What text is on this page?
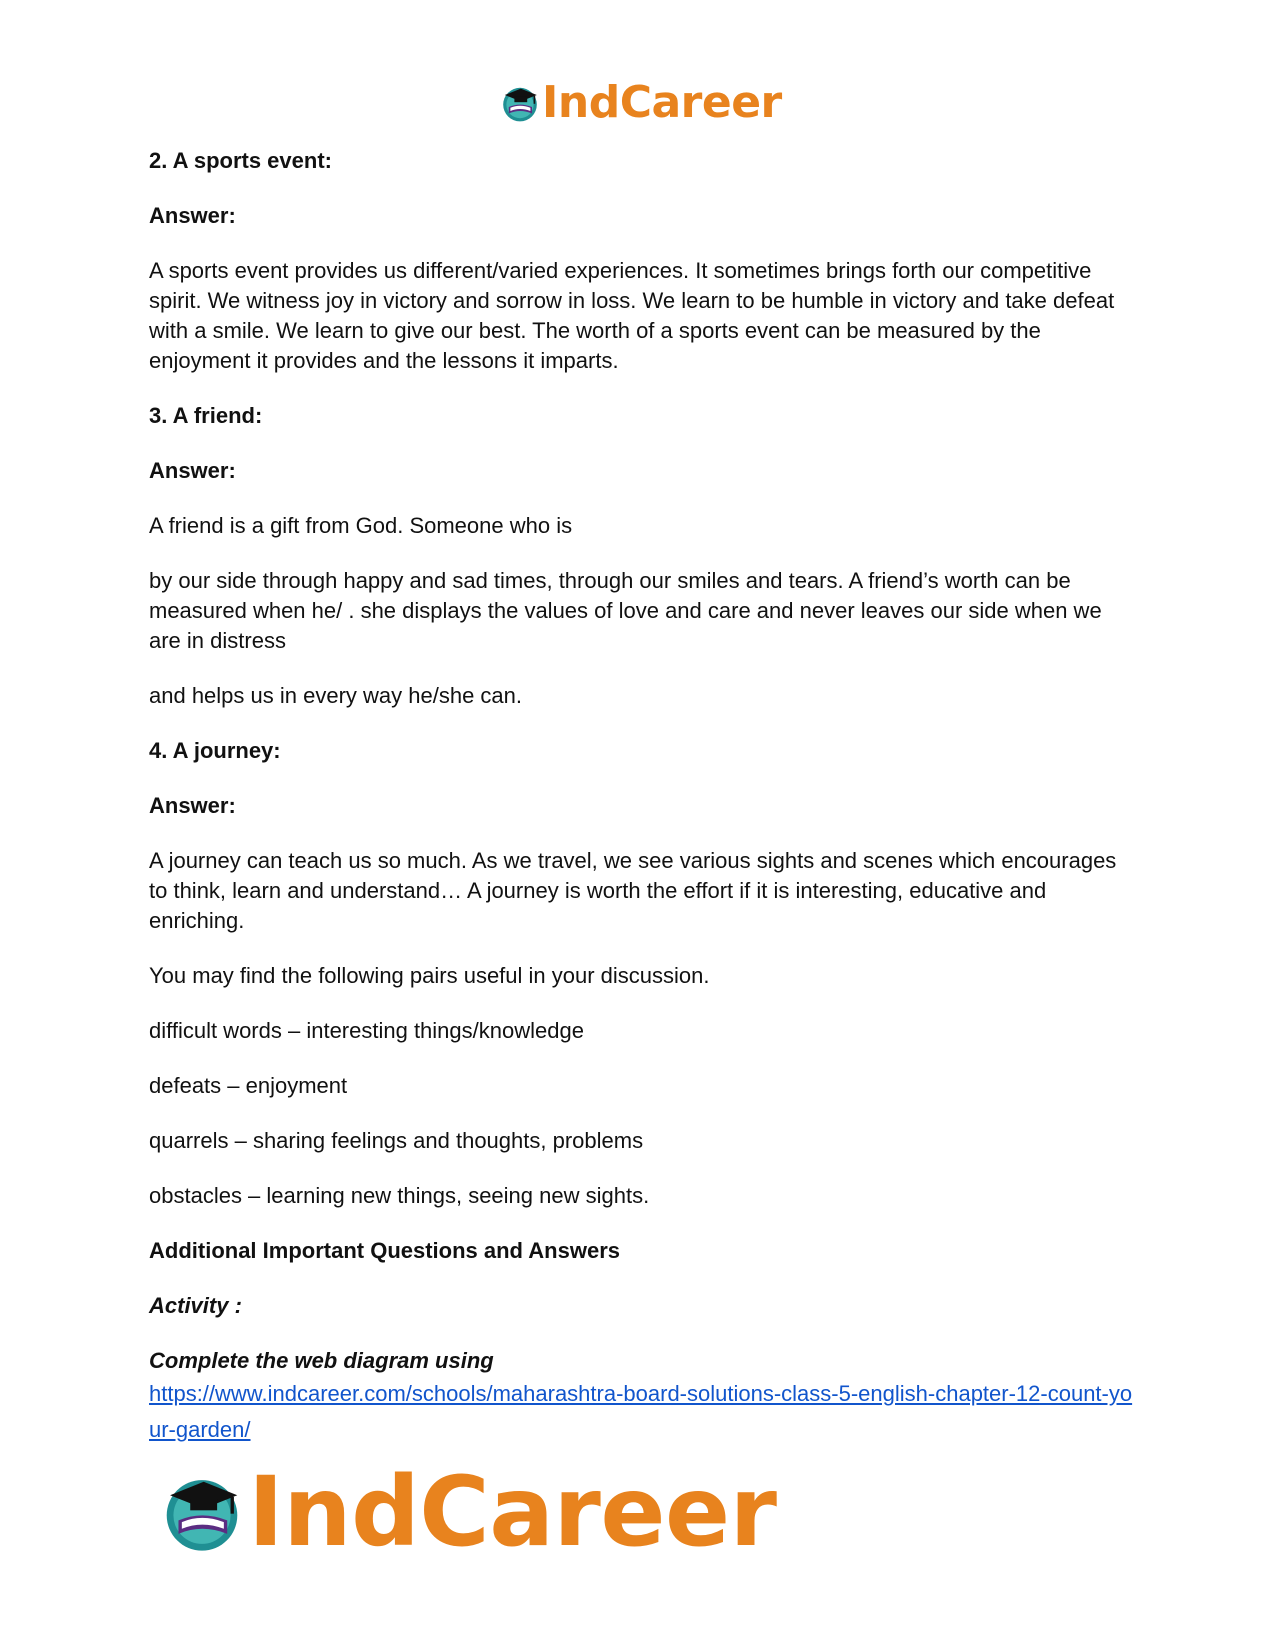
IndCareer

2. A sports event:

Answer:

A sports event provides us different/varied experiences. It sometimes brings forth our competitive spirit. We witness joy in victory and sorrow in loss. We learn to be humble in victory and take defeat with a smile. We learn to give our best. The worth of a sports event can be measured by the enjoyment it provides and the lessons it imparts.

3. A friend:

Answer:

A friend is a gift from God. Someone who is

by our side through happy and sad times, through our smiles and tears. A friend’s worth can be measured when he/ . she displays the values of love and care and never leaves our side when we are in distress

and helps us in every way he/she can.

4. A journey:

Answer:

A journey can teach us so much. As we travel, we see various sights and scenes which encourages to think, learn and understand… A journey is worth the effort if it is interesting, educative and enriching.

You may find the following pairs useful in your discussion.

difficult words – interesting things/knowledge

defeats – enjoyment

quarrels – sharing feelings and thoughts, problems

obstacles – learning new things, seeing new sights.

Additional Important Questions and Answers

Activity :

Complete the web diagram using

https://www.indcareer.com/schools/maharashtra-board-solutions-class-5-english-chapter-12-count-your-garden/
IndCareer
